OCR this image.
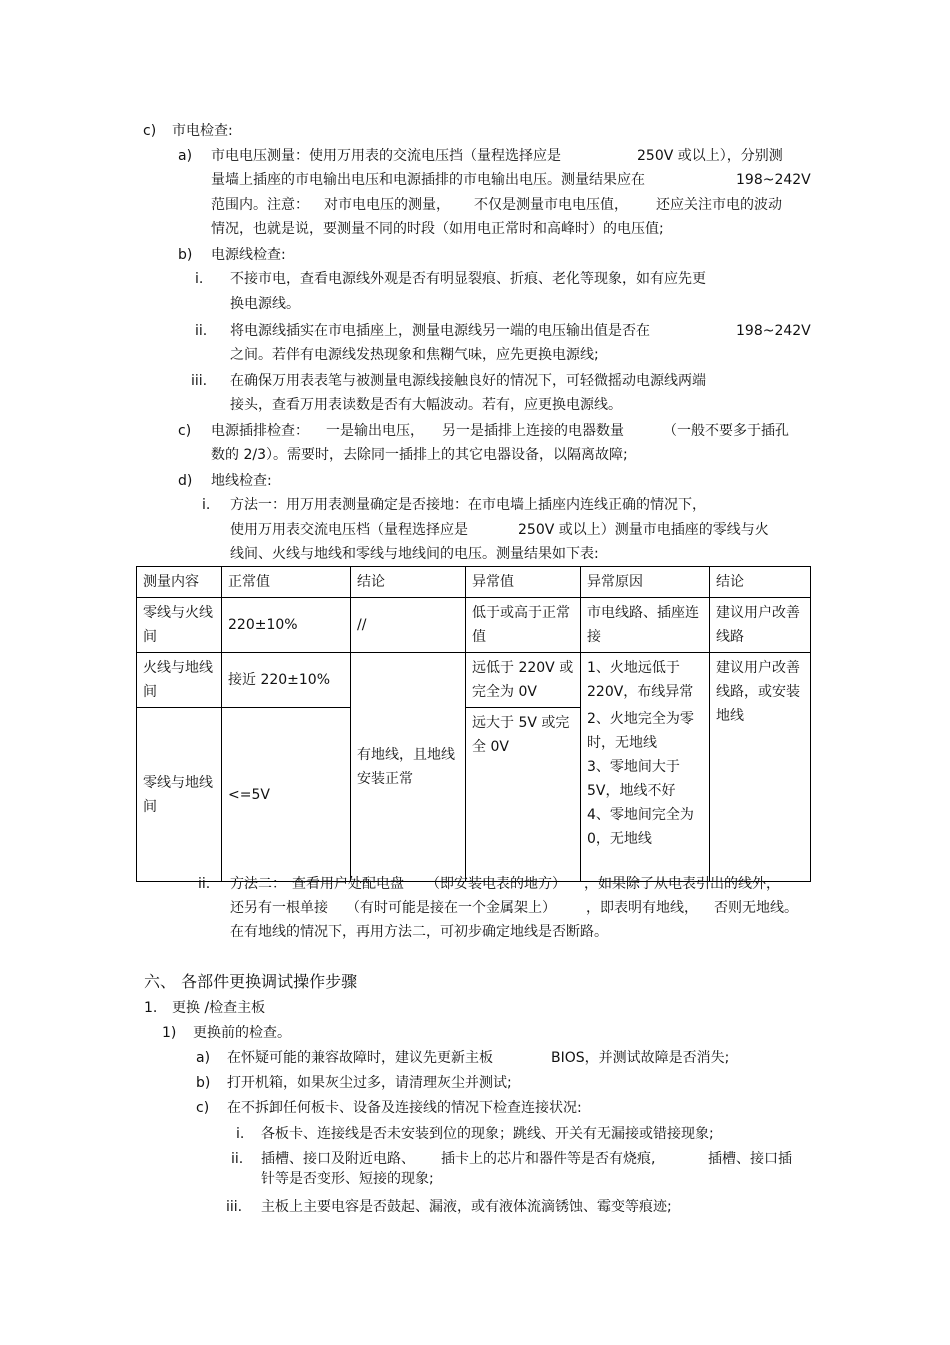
c) 市电检查:
a) 市电电压测量：使用万用表的交流电压挡（量程选择应是	250V 或以上），分别测
量墙上插座的市电输出电压和电源插排的市电输出电压。测量结果应在	198~242V
范围内。注意： 对市电电压的测量， 不仅是测量市电电压值， 还应关注市电的波动
情况，也就是说，要测量不同的时段（如用电正常时和高峰时）的电压值;
b) 电源线检查:
i. 不接市电，查看电源线外观是否有明显裂痕、折痕、老化等现象，如有应先更
换电源线。
ii. 将电源线插实在市电插座上，测量电源线另一端的电压输出值是否在	198~242V
之间。若伴有电源线发热现象和焦糊气味，应先更换电源线;
iii. 在确保万用表表笔与被测量电源线接触良好的情况下，可轻微摇动电源线两端
接头，查看万用表读数是否有大幅波动。若有，应更换电源线。
c) 电源插排检查： 一是输出电压， 另一是插排上连接的电器数量	（一般不要多于插孔
数的 2/3）。需要时，去除同一插排上的其它电器设备，以隔离故障;
d) 地线检查:
i. 方法一：用万用表测量确定是否接地：在市电墙上插座内连线正确的情况下，
使用万用表交流电压档（量程选择应是	250V 或以上）测量市电插座的零线与火
线间、火线与地线和零线与地线间的电压。测量结果如下表:
测量内容	正常值	结论	异常值	异常原因	结论
零线与火线间	220±10%	//	低于或高于正常值	市电线路、插座连接	建议用户改善线路
火线与地线间	接近 220±10%	有地线，且地线安装正常	远低于 220V 或完全为 0V	1、火地远低于 220V，布线异常
2、火地完全为零时，无地线
3、零地间大于 5V，地线不好
4、零地间完全为 0，无地线	建议用户改善线路，或安装地线
零线与地线间	<=5V		远大于 5V 或完全 0V		
ii. 方法二： 查看用户处配电盘 （即安装电表的地方） ，如果除了从电表引出的线外，
还另有一根单接 （有时可能是接在一个金属架上） ，即表明有地线， 否则无地线。
在有地线的情况下，再用方法二，可初步确定地线是否断路。
六、 各部件更换调试操作步骤
1. 更换 /检查主板
1) 更换前的检查。
a) 在怀疑可能的兼容故障时，建议先更新主板	BIOS，并测试故障是否消失;
b) 打开机箱，如果灰尘过多，请清理灰尘并测试;
c) 在不拆卸任何板卡、设备及连接线的情况下检查连接状况:
i. 各板卡、连接线是否未安装到位的现象；跳线、开关有无漏接或错接现象;
ii. 插槽、接口及附近电路、 插卡上的芯片和器件等是否有烧痕,	插槽、接口插
针等是否变形、短接的现象;
iii. 主板上主要电容是否鼓起、漏液，或有液体流滴锈蚀、霉变等痕迹;
